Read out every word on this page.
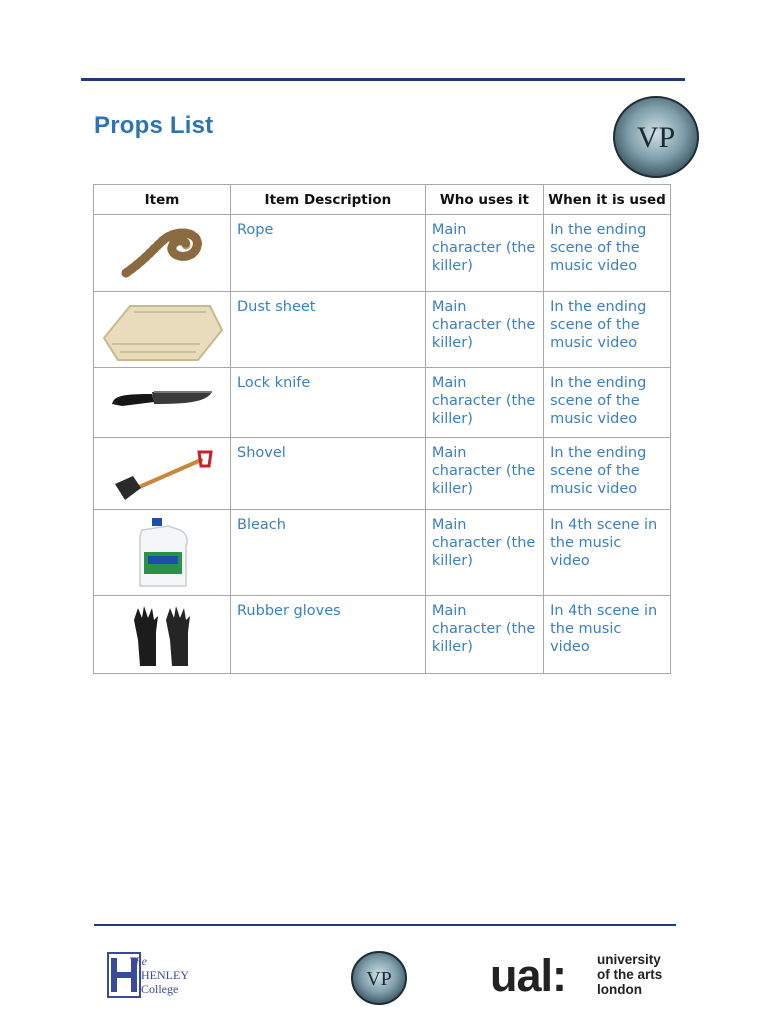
Props List	VP
Item	Item Description	Who uses it	When it is used
	Rope	Main character (the killer)	In the ending scene of the music video
	Dust sheet	Main character (the killer)	In the ending scene of the music video
	Lock knife	Main character (the killer)	In the ending scene of the music video
	Shovel	Main character (the killer)	In the ending scene of the music video
	Bleach	Main character (the killer)	In 4th scene in the music video
	Rubber gloves	Main character (the killer)	In 4th scene in the music video
The
HENLEY
College	VP ual: university
of the arts
london
